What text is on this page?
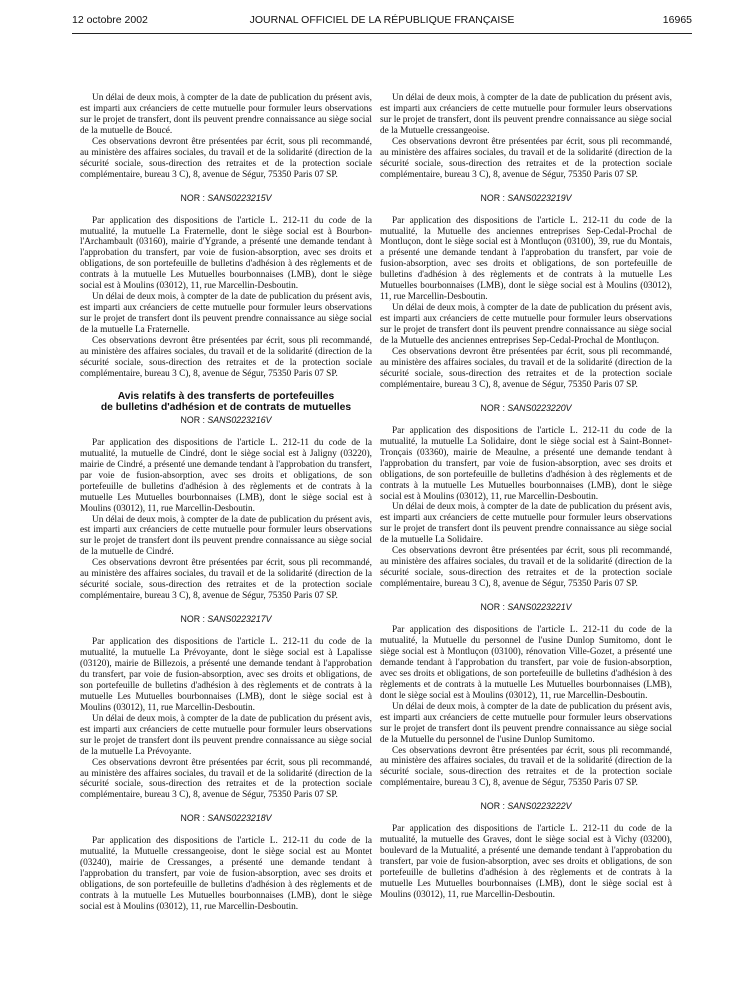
12 octobre 2002	JOURNAL OFFICIEL DE LA RÉPUBLIQUE FRANÇAISE	16965

Un délai de deux mois, à compter de la date de publication du présent avis, est imparti aux créanciers de cette mutuelle pour formuler leurs observations sur le projet de transfert, dont ils peuvent prendre connaissance au siège social de la mutuelle de Boucé.

Ces observations devront être présentées par écrit, sous pli recommandé, au ministère des affaires sociales, du travail et de la solidarité (direction de la sécurité sociale, sous-direction des retraites et de la protection sociale complémentaire, bureau 3 C), 8, avenue de Ségur, 75350 Paris 07 SP.

NOR : SANS0223215V

Par application des dispositions de l'article L. 212-11 du code de la mutualité, la mutuelle La Fraternelle, dont le siège social est à Bourbon-l'Archambault (03160), mairie d'Ygrande, a présenté une demande tendant à l'approbation du transfert, par voie de fusion-absorption, avec ses droits et obligations, de son portefeuille de bulletins d'adhésion à des règlements et de contrats à la mutuelle Les Mutuelles bourbonnaises (LMB), dont le siège social est à Moulins (03012), 11, rue Marcellin-Desboutin.

Un délai de deux mois, à compter de la date de publication du présent avis, est imparti aux créanciers de cette mutuelle pour formuler leurs observations sur le projet de transfert dont ils peuvent prendre connaissance au siège social de la mutuelle La Fraternelle.

Ces observations devront être présentées par écrit, sous pli recommandé, au ministère des affaires sociales, du travail et de la solidarité (direction de la sécurité sociale, sous-direction des retraites et de la protection sociale complémentaire, bureau 3 C), 8, avenue de Ségur, 75350 Paris 07 SP.

Avis relatifs à des transferts de portefeuilles
de bulletins d'adhésion et de contrats de mutuelles
NOR : SANS0223216V

Par application des dispositions de l'article L. 212-11 du code de la mutualité, la mutuelle de Cindré, dont le siège social est à Jaligny (03220), mairie de Cindré, a présenté une demande tendant à l'approbation du transfert, par voie de fusion-absorption, avec ses droits et obligations, de son portefeuille de bulletins d'adhésion à des règlements et de contrats à la mutuelle Les Mutuelles bourbonnaises (LMB), dont le siège social est à Moulins (03012), 11, rue Marcellin-Desboutin.

Un délai de deux mois, à compter de la date de publication du présent avis, est imparti aux créanciers de cette mutuelle pour formuler leurs observations sur le projet de transfert dont ils peuvent prendre connaissance au siège social de la mutuelle de Cindré.

Ces observations devront être présentées par écrit, sous pli recommandé, au ministère des affaires sociales, du travail et de la solidarité (direction de la sécurité sociale, sous-direction des retraites et de la protection sociale complémentaire, bureau 3 C), 8, avenue de Ségur, 75350 Paris 07 SP.

NOR : SANS0223217V

Par application des dispositions de l'article L. 212-11 du code de la mutualité, la mutuelle La Prévoyante, dont le siège social est à Lapalisse (03120), mairie de Billezois, a présenté une demande tendant à l'approbation du transfert, par voie de fusion-absorption, avec ses droits et obligations, de son portefeuille de bulletins d'adhésion à des règlements et de contrats à la mutuelle Les Mutuelles bourbonnaises (LMB), dont le siège social est à Moulins (03012), 11, rue Marcellin-Desboutin.

Un délai de deux mois, à compter de la date de publication du présent avis, est imparti aux créanciers de cette mutuelle pour formuler leurs observations sur le projet de transfert dont ils peuvent prendre connaissance au siège social de la mutuelle La Prévoyante.

Ces observations devront être présentées par écrit, sous pli recommandé, au ministère des affaires sociales, du travail et de la solidarité (direction de la sécurité sociale, sous-direction des retraites et de la protection sociale complémentaire, bureau 3 C), 8, avenue de Ségur, 75350 Paris 07 SP.

NOR : SANS0223218V

Par application des dispositions de l'article L. 212-11 du code de la mutualité, la Mutuelle cressangeoise, dont le siège social est au Montet (03240), mairie de Cressanges, a présenté une demande tendant à l'approbation du transfert, par voie de fusion-absorption, avec ses droits et obligations, de son portefeuille de bulletins d'adhésion à des règlements et de contrats à la mutuelle Les Mutuelles bourbonnaises (LMB), dont le siège social est à Moulins (03012), 11, rue Marcellin-Desboutin.

Un délai de deux mois, à compter de la date de publication du présent avis, est imparti aux créanciers de cette mutuelle pour formuler leurs observations sur le projet de transfert, dont ils peuvent prendre connaissance au siège social de la Mutuelle cressangeoise.

Ces observations devront être présentées par écrit, sous pli recommandé, au ministère des affaires sociales, du travail et de la solidarité (direction de la sécurité sociale, sous-direction des retraites et de la protection sociale complémentaire, bureau 3 C), 8, avenue de Ségur, 75350 Paris 07 SP.

NOR : SANS0223219V

Par application des dispositions de l'article L. 212-11 du code de la mutualité, la Mutuelle des anciennes entreprises Sep-Cedal-Prochal de Montluçon, dont le siège social est à Montluçon (03100), 39, rue du Montais, a présenté une demande tendant à l'approbation du transfert, par voie de fusion-absorption, avec ses droits et obligations, de son portefeuille de bulletins d'adhésion à des règlements et de contrats à la mutuelle Les Mutuelles bourbonnaises (LMB), dont le siège social est à Moulins (03012), 11, rue Marcellin-Desboutin.

Un délai de deux mois, à compter de la date de publication du présent avis, est imparti aux créanciers de cette mutuelle pour formuler leurs observations sur le projet de transfert dont ils peuvent prendre connaissance au siège social de la Mutuelle des anciennes entreprises Sep-Cedal-Prochal de Montluçon.

Ces observations devront être présentées par écrit, sous pli recommandé, au ministère des affaires sociales, du travail et de la solidarité (direction de la sécurité sociale, sous-direction des retraites et de la protection sociale complémentaire, bureau 3 C), 8, avenue de Ségur, 75350 Paris 07 SP.

NOR : SANS0223220V

Par application des dispositions de l'article L. 212-11 du code de la mutualité, la mutuelle La Solidaire, dont le siège social est à Saint-Bonnet-Tronçais (03360), mairie de Meaulne, a présenté une demande tendant à l'approbation du transfert, par voie de fusion-absorption, avec ses droits et obligations, de son portefeuille de bulletins d'adhésion à des règlements et de contrats à la mutuelle Les Mutuelles bourbonnaises (LMB), dont le siège social est à Moulins (03012), 11, rue Marcellin-Desboutin.

Un délai de deux mois, à compter de la date de publication du présent avis, est imparti aux créanciers de cette mutuelle pour formuler leurs observations sur le projet de transfert dont ils peuvent prendre connaissance au siège social de la mutuelle La Solidaire.

Ces observations devront être présentées par écrit, sous pli recommandé, au ministère des affaires sociales, du travail et de la solidarité (direction de la sécurité sociale, sous-direction des retraites et de la protection sociale complémentaire, bureau 3 C), 8, avenue de Ségur, 75350 Paris 07 SP.

NOR : SANS0223221V

Par application des dispositions de l'article L. 212-11 du code de la mutualité, la Mutuelle du personnel de l'usine Dunlop Sumitomo, dont le siège social est à Montluçon (03100), rénovation Ville-Gozet, a présenté une demande tendant à l'approbation du transfert, par voie de fusion-absorption, avec ses droits et obligations, de son portefeuille de bulletins d'adhésion à des règlements et de contrats à la mutuelle Les Mutuelles bourbonnaises (LMB), dont le siège social est à Moulins (03012), 11, rue Marcellin-Desboutin.

Un délai de deux mois, à compter de la date de publication du présent avis, est imparti aux créanciers de cette mutuelle pour formuler leurs observations sur le projet de transfert dont ils peuvent prendre connaissance au siège social de la Mutuelle du personnel de l'usine Dunlop Sumitomo.

Ces observations devront être présentées par écrit, sous pli recommandé, au ministère des affaires sociales, du travail et de la solidarité (direction de la sécurité sociale, sous-direction des retraites et de la protection sociale complémentaire, bureau 3 C), 8, avenue de Ségur, 75350 Paris 07 SP.

NOR : SANS0223222V

Par application des dispositions de l'article L. 212-11 du code de la mutualité, la mutuelle des Graves, dont le siège social est à Vichy (03200), boulevard de la Mutualité, a présenté une demande tendant à l'approbation du transfert, par voie de fusion-absorption, avec ses droits et obligations, de son portefeuille de bulletins d'adhésion à des règlements et de contrats à la mutuelle Les Mutuelles bourbonnaises (LMB), dont le siège social est à Moulins (03012), 11, rue Marcellin-Desboutin.
